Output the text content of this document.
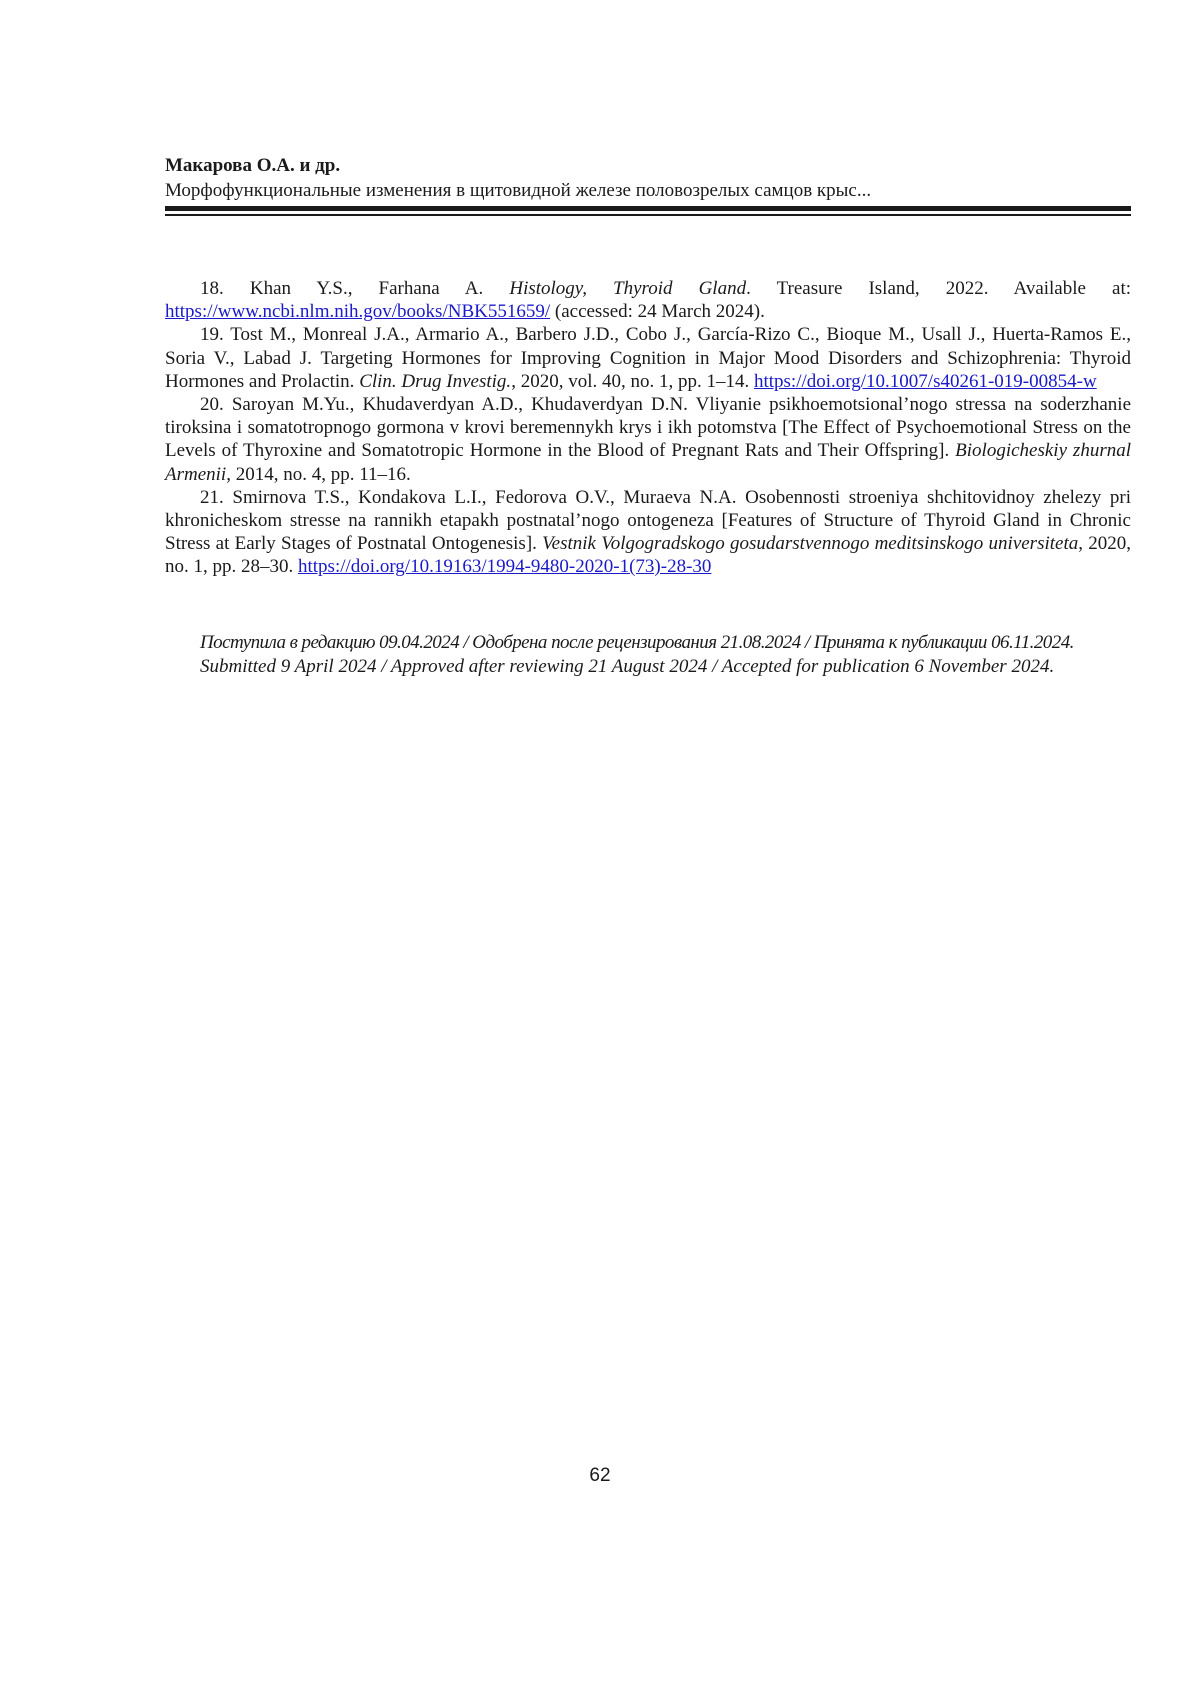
Макарова О.А. и др.
Морфофункциональные изменения в щитовидной железе половозрелых самцов крыс...

18. Khan Y.S., Farhana A. Histology, Thyroid Gland. Treasure Island, 2022. Available at: https://www.ncbi.nlm.nih.gov/books/NBK551659/ (accessed: 24 March 2024).

19. Tost M., Monreal J.A., Armario A., Barbero J.D., Cobo J., García-Rizo C., Bioque M., Usall J., Huerta-Ramos E., Soria V., Labad J. Targeting Hormones for Improving Cognition in Major Mood Disorders and Schizophrenia: Thyroid Hormones and Prolactin. Clin. Drug Investig., 2020, vol. 40, no. 1, pp. 1–14. https://doi.org/10.1007/s40261-019-00854-w

20. Saroyan M.Yu., Khudaverdyan A.D., Khudaverdyan D.N. Vliyanie psikhoemotsional’nogo stressa na soderzhanie tiroksina i somatotropnogo gormona v krovi beremennykh krys i ikh potomstva [The Effect of Psychoemotional Stress on the Levels of Thyroxine and Somatotropic Hormone in the Blood of Pregnant Rats and Their Offspring]. Biologicheskiy zhurnal Armenii, 2014, no. 4, pp. 11–16.

21. Smirnova T.S., Kondakova L.I., Fedorova O.V., Muraeva N.A. Osobennosti stroeniya shchitovidnoy zhelezy pri khronicheskom stresse na rannikh etapakh postnatal’nogo ontogeneza [Features of Structure of Thyroid Gland in Chronic Stress at Early Stages of Postnatal Ontogenesis]. Vestnik Volgogradskogo gosudarstvennogo meditsinskogo universiteta, 2020, no. 1, pp. 28–30. https://doi.org/10.19163/1994-9480-2020-1(73)-28-30

Поступила в редакцию 09.04.2024 / Одобрена после рецензирования 21.08.2024 / Принята к публикации 06.11.2024.
Submitted 9 April 2024 / Approved after reviewing 21 August 2024 / Accepted for publication 6 November 2024.
62
